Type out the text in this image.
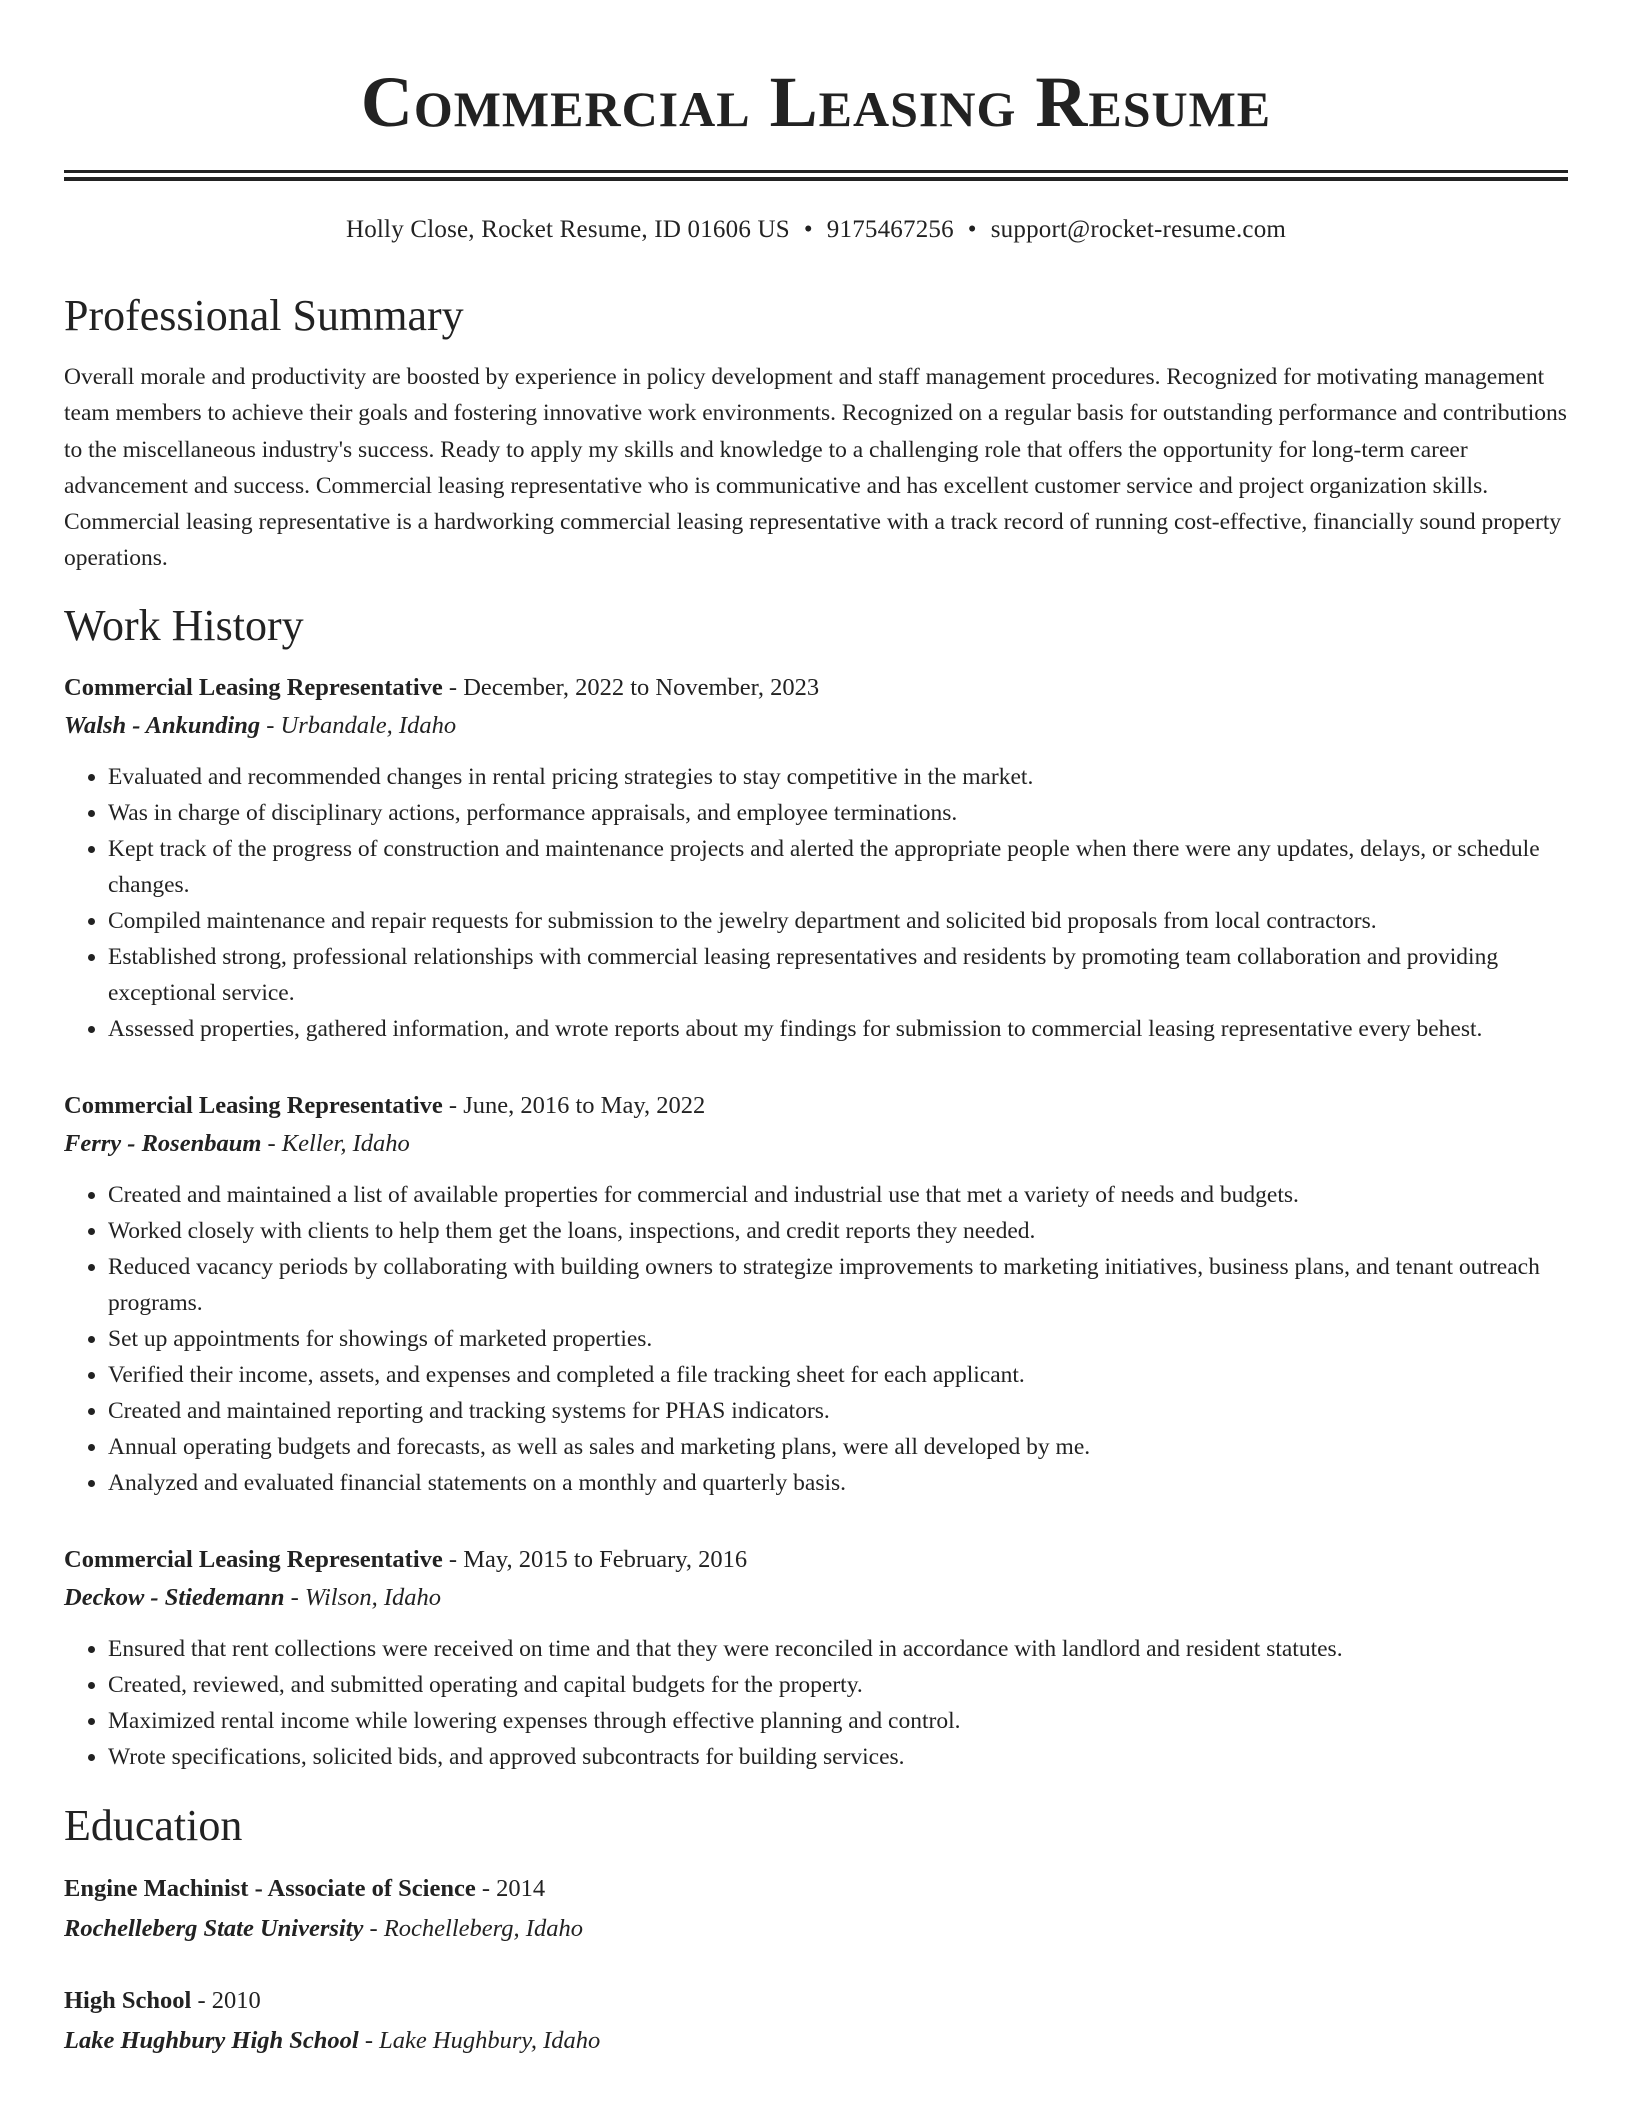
Commercial Leasing Resume
Holly Close, Rocket Resume, ID 01606 US • 9175467256 • support@rocket-resume.com
Professional Summary

Overall morale and productivity are boosted by experience in policy development and staff management procedures. Recognized for motivating management team members to achieve their goals and fostering innovative work environments. Recognized on a regular basis for outstanding performance and contributions to the miscellaneous industry's success. Ready to apply my skills and knowledge to a challenging role that offers the opportunity for long-term career advancement and success. Commercial leasing representative who is communicative and has excellent customer service and project organization skills. Commercial leasing representative is a hardworking commercial leasing representative with a track record of running cost-effective, financially sound property operations.

Work History
Commercial Leasing Representative - December, 2022 to November, 2023
Walsh - Ankunding - Urbandale, Idaho
• Evaluated and recommended changes in rental pricing strategies to stay competitive in the market.
• Was in charge of disciplinary actions, performance appraisals, and employee terminations.
• Kept track of the progress of construction and maintenance projects and alerted the appropriate people when there were any updates, delays, or schedule changes.
• Compiled maintenance and repair requests for submission to the jewelry department and solicited bid proposals from local contractors.
• Established strong, professional relationships with commercial leasing representatives and residents by promoting team collaboration and providing exceptional service.
• Assessed properties, gathered information, and wrote reports about my findings for submission to commercial leasing representative every behest.
Commercial Leasing Representative - June, 2016 to May, 2022
Ferry - Rosenbaum - Keller, Idaho
• Created and maintained a list of available properties for commercial and industrial use that met a variety of needs and budgets.
• Worked closely with clients to help them get the loans, inspections, and credit reports they needed.
• Reduced vacancy periods by collaborating with building owners to strategize improvements to marketing initiatives, business plans, and tenant outreach programs.
• Set up appointments for showings of marketed properties.
• Verified their income, assets, and expenses and completed a file tracking sheet for each applicant.
• Created and maintained reporting and tracking systems for PHAS indicators.
• Annual operating budgets and forecasts, as well as sales and marketing plans, were all developed by me.
• Analyzed and evaluated financial statements on a monthly and quarterly basis.
Commercial Leasing Representative - May, 2015 to February, 2016
Deckow - Stiedemann - Wilson, Idaho
• Ensured that rent collections were received on time and that they were reconciled in accordance with landlord and resident statutes.
• Created, reviewed, and submitted operating and capital budgets for the property.
• Maximized rental income while lowering expenses through effective planning and control.
• Wrote specifications, solicited bids, and approved subcontracts for building services.
Education
Engine Machinist - Associate of Science - 2014
Rochelleberg State University - Rochelleberg, Idaho
High School - 2010
Lake Hughbury High School - Lake Hughbury, Idaho
